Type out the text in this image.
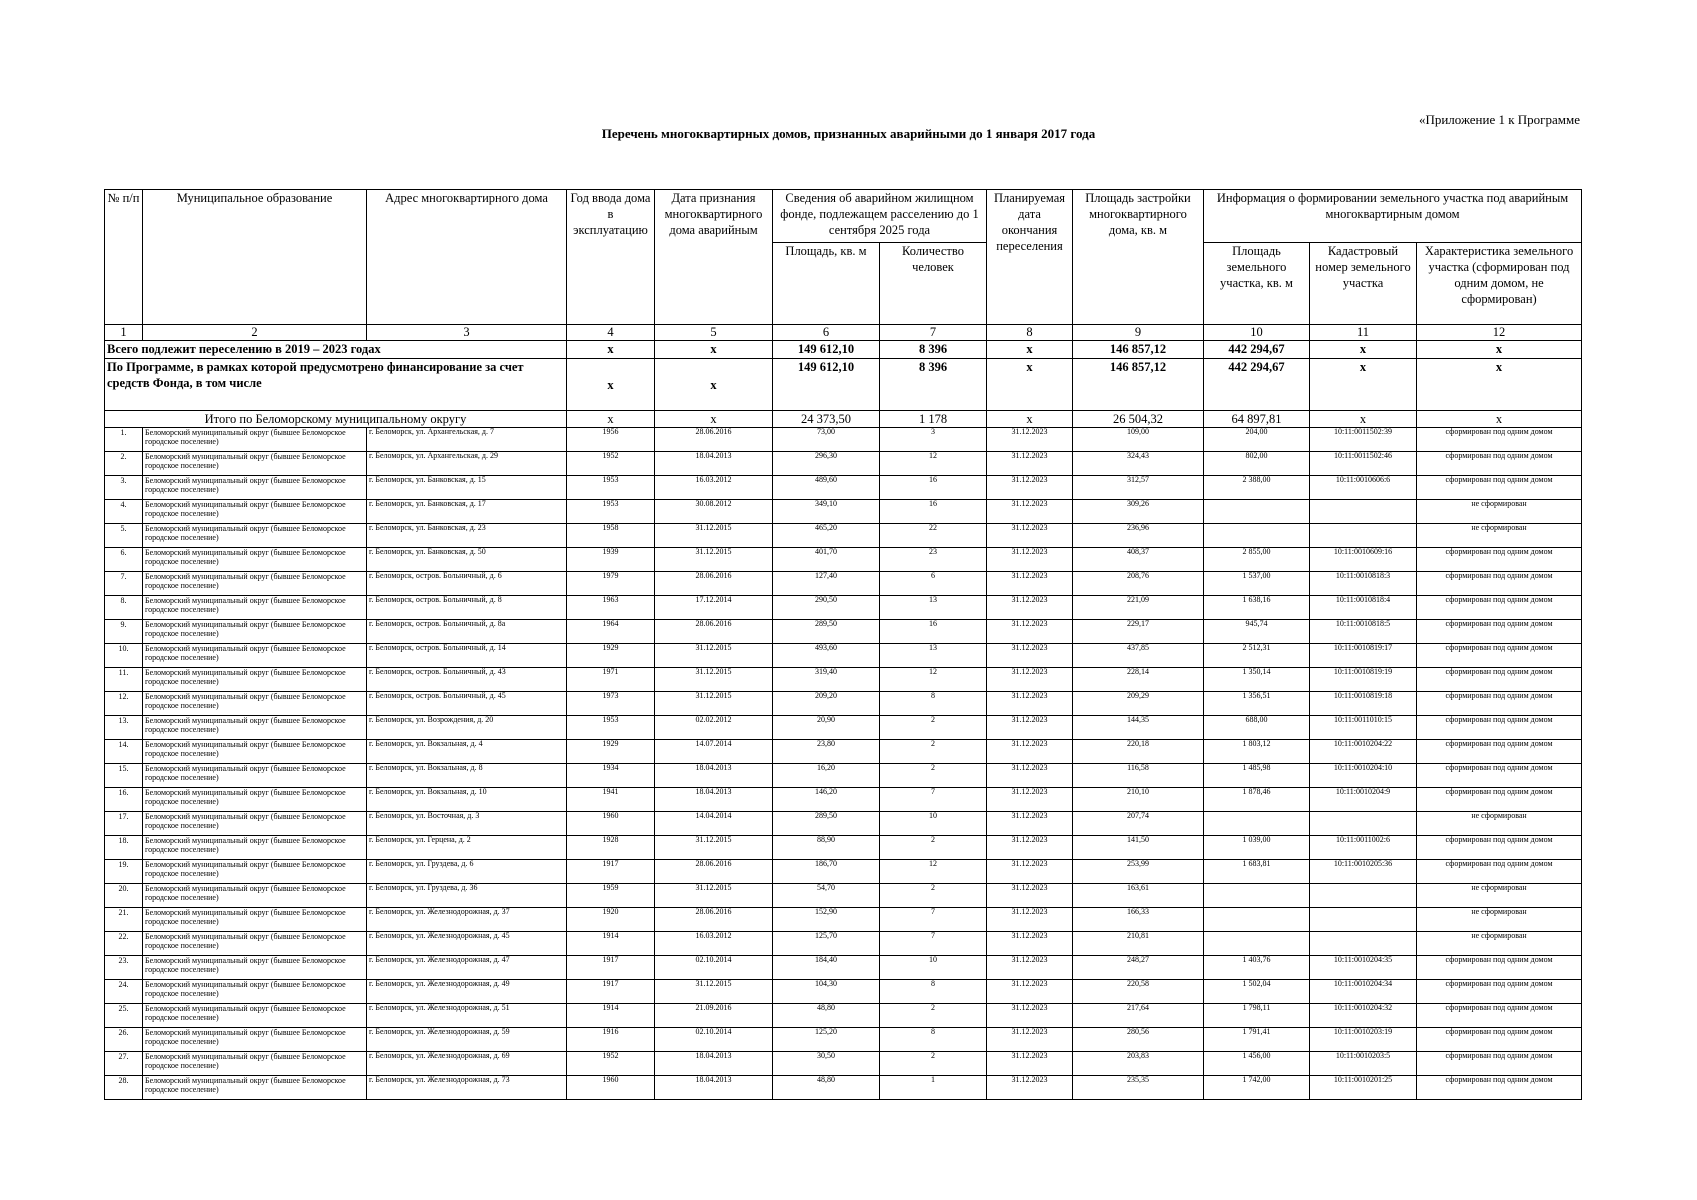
«Приложение 1 к Программе
Перечень многоквартирных домов, признанных аварийными до 1 января 2017 года
№ п/п	Муниципальное образование	Адрес многоквартирного дома	Год ввода дома в эксплуатацию	Дата признания многоквартирного дома аварийным	Сведения об аварийном жилищном фонде, подлежащем расселению до 1 сентября 2025 года		Планируемая дата окончания переселения	Площадь застройки многоквартирного дома, кв. м	Информация о формировании земельного участка под аварийным многоквартирным домом		
					Площадь, кв. м	Количество человек			Площадь земельного участка, кв. м	Кадастровый номер земельного участка	Характеристика земельного участка (сформирован под одним домом, не сформирован)
1	2	3	4	5	6	7	8	9	10	11	12
Всего подлежит переселению в 2019 – 2023 годах			x	x	149 612,10	8 396	x	146 857,12	442 294,67	x	x
По Программе, в рамках которой предусмотрено финансирование за счет средств Фонда, в том числе			x	x	149 612,10	8 396	x	146 857,12	442 294,67	x	x
Итого по Беломорскому муниципальному округу			x	x	24 373,50	1 178	x	26 504,32	64 897,81	x	x
1.	Беломорский муниципальный округ (бывшее Беломорское городское поселение)	г. Беломорск, ул. Архангельская, д. 7	1956	28.06.2016	73,00	3	31.12.2023	109,00	204,00	10:11:0011502:39	сформирован под одним домом
2.	Беломорский муниципальный округ (бывшее Беломорское городское поселение)	г. Беломорск, ул. Архангельская, д. 29	1952	18.04.2013	296,30	12	31.12.2023	324,43	802,00	10:11:0011502:46	сформирован под одним домом
3.	Беломорский муниципальный округ (бывшее Беломорское городское поселение)	г. Беломорск, ул. Банковская, д. 15	1953	16.03.2012	489,60	16	31.12.2023	312,57	2 388,00	10:11:0010606:6	сформирован под одним домом
4.	Беломорский муниципальный округ (бывшее Беломорское городское поселение)	г. Беломорск, ул. Банковская, д. 17	1953	30.08.2012	349,10	16	31.12.2023	309,26			не сформирован
5.	Беломорский муниципальный округ (бывшее Беломорское городское поселение)	г. Беломорск, ул. Банковская, д. 23	1958	31.12.2015	465,20	22	31.12.2023	236,96			не сформирован
6.	Беломорский муниципальный округ (бывшее Беломорское городское поселение)	г. Беломорск, ул. Банковская, д. 50	1939	31.12.2015	401,70	23	31.12.2023	408,37	2 855,00	10:11:0010609:16	сформирован под одним домом
7.	Беломорский муниципальный округ (бывшее Беломорское городское поселение)	г. Беломорск, остров. Больничный, д. 6	1979	28.06.2016	127,40	6	31.12.2023	208,76	1 537,00	10:11:0010818:3	сформирован под одним домом
8.	Беломорский муниципальный округ (бывшее Беломорское городское поселение)	г. Беломорск, остров. Больничный, д. 8	1963	17.12.2014	290,50	13	31.12.2023	221,09	1 638,16	10:11:0010818:4	сформирован под одним домом
9.	Беломорский муниципальный округ (бывшее Беломорское городское поселение)	г. Беломорск, остров. Больничный, д. 8а	1964	28.06.2016	289,50	16	31.12.2023	229,17	945,74	10:11:0010818:5	сформирован под одним домом
10.	Беломорский муниципальный округ (бывшее Беломорское городское поселение)	г. Беломорск, остров. Больничный, д. 14	1929	31.12.2015	493,60	13	31.12.2023	437,85	2 512,31	10:11:0010819:17	сформирован под одним домом
11.	Беломорский муниципальный округ (бывшее Беломорское городское поселение)	г. Беломорск, остров. Больничный, д. 43	1971	31.12.2015	319,40	12	31.12.2023	228,14	1 350,14	10:11:0010819:19	сформирован под одним домом
12.	Беломорский муниципальный округ (бывшее Беломорское городское поселение)	г. Беломорск, остров. Больничный, д. 45	1973	31.12.2015	209,20	8	31.12.2023	209,29	1 356,51	10:11:0010819:18	сформирован под одним домом
13.	Беломорский муниципальный округ (бывшее Беломорское городское поселение)	г. Беломорск, ул. Возрождения, д. 20	1953	02.02.2012	20,90	2	31.12.2023	144,35	688,00	10:11:0011010:15	сформирован под одним домом
14.	Беломорский муниципальный округ (бывшее Беломорское городское поселение)	г. Беломорск, ул. Вокзальная, д. 4	1929	14.07.2014	23,80	2	31.12.2023	220,18	1 803,12	10:11:0010204:22	сформирован под одним домом
15.	Беломорский муниципальный округ (бывшее Беломорское городское поселение)	г. Беломорск, ул. Вокзальная, д. 8	1934	18.04.2013	16,20	2	31.12.2023	116,58	1 485,98	10:11:0010204:10	сформирован под одним домом
16.	Беломорский муниципальный округ (бывшее Беломорское городское поселение)	г. Беломорск, ул. Вокзальная, д. 10	1941	18.04.2013	146,20	7	31.12.2023	210,10	1 878,46	10:11:0010204:9	сформирован под одним домом
17.	Беломорский муниципальный округ (бывшее Беломорское городское поселение)	г. Беломорск, ул. Восточная, д. 3	1960	14.04.2014	289,50	10	31.12.2023	207,74			не сформирован
18.	Беломорский муниципальный округ (бывшее Беломорское городское поселение)	г. Беломорск, ул. Герцена, д. 2	1928	31.12.2015	88,90	2	31.12.2023	141,50	1 039,00	10:11:0011002:6	сформирован под одним домом
19.	Беломорский муниципальный округ (бывшее Беломорское городское поселение)	г. Беломорск, ул. Груздева, д. 6	1917	28.06.2016	186,70	12	31.12.2023	253,99	1 683,81	10:11:0010205:36	сформирован под одним домом
20.	Беломорский муниципальный округ (бывшее Беломорское городское поселение)	г. Беломорск, ул. Груздева, д. 36	1959	31.12.2015	54,70	2	31.12.2023	163,61			не сформирован
21.	Беломорский муниципальный округ (бывшее Беломорское городское поселение)	г. Беломорск, ул. Железнодорожная, д. 37	1920	28.06.2016	152,90	7	31.12.2023	166,33			не сформирован
22.	Беломорский муниципальный округ (бывшее Беломорское городское поселение)	г. Беломорск, ул. Железнодорожная, д. 45	1914	16.03.2012	125,70	7	31.12.2023	210,81			не сформирован
23.	Беломорский муниципальный округ (бывшее Беломорское городское поселение)	г. Беломорск, ул. Железнодорожная, д. 47	1917	02.10.2014	184,40	10	31.12.2023	248,27	1 403,76	10:11:0010204:35	сформирован под одним домом
24.	Беломорский муниципальный округ (бывшее Беломорское городское поселение)	г. Беломорск, ул. Железнодорожная, д. 49	1917	31.12.2015	104,30	8	31.12.2023	220,58	1 502,04	10:11:0010204:34	сформирован под одним домом
25.	Беломорский муниципальный округ (бывшее Беломорское городское поселение)	г. Беломорск, ул. Железнодорожная, д. 51	1914	21.09.2016	48,80	2	31.12.2023	217,64	1 798,11	10:11:0010204:32	сформирован под одним домом
26.	Беломорский муниципальный округ (бывшее Беломорское городское поселение)	г. Беломорск, ул. Железнодорожная, д. 59	1916	02.10.2014	125,20	8	31.12.2023	280,56	1 791,41	10:11:0010203:19	сформирован под одним домом
27.	Беломорский муниципальный округ (бывшее Беломорское городское поселение)	г. Беломорск, ул. Железнодорожная, д. 69	1952	18.04.2013	30,50	2	31.12.2023	203,83	1 456,00	10:11:0010203:5	сформирован под одним домом
28.	Беломорский муниципальный округ (бывшее Беломорское городское поселение)	г. Беломорск, ул. Железнодорожная, д. 73	1960	18.04.2013	48,80	1	31.12.2023	235,35	1 742,00	10:11:0010201:25	сформирован под одним домом
